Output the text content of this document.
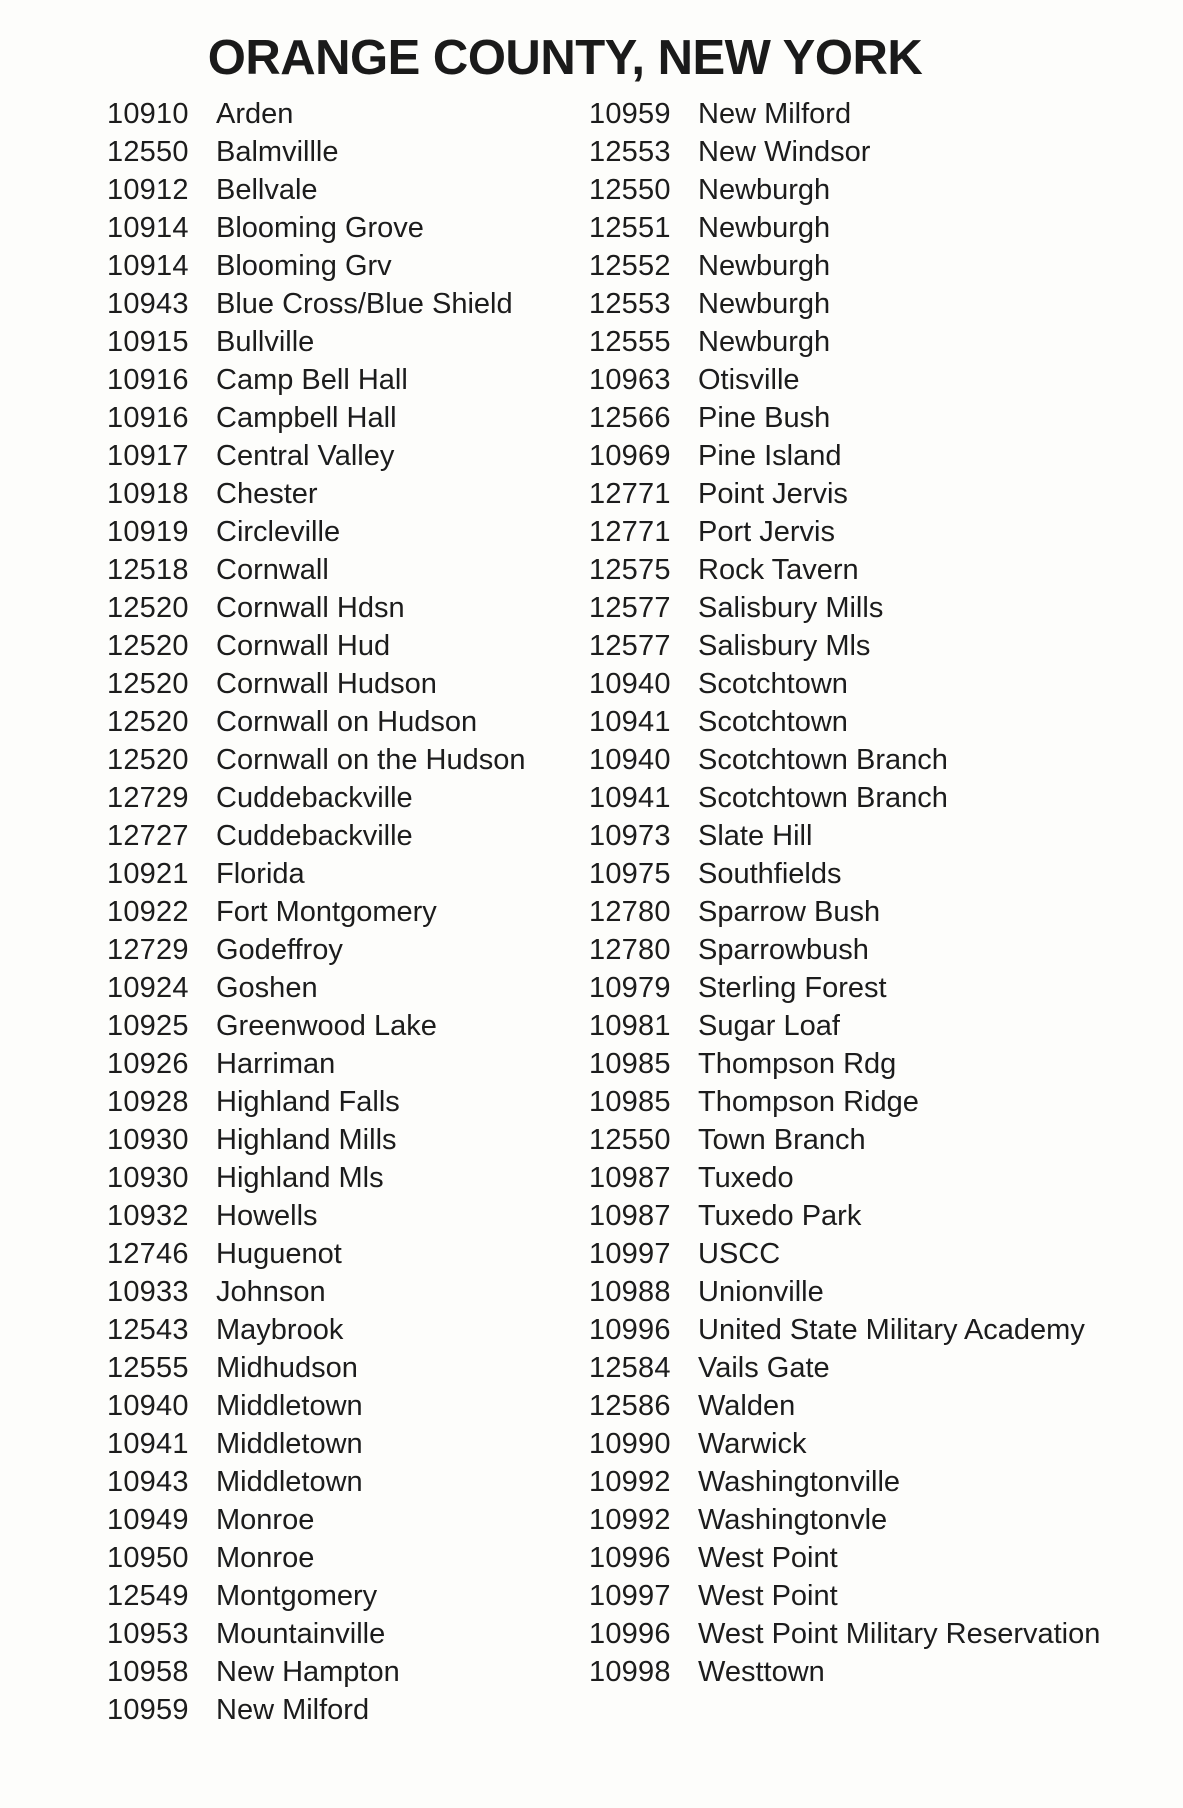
ORANGE COUNTY, NEW YORK
10910 Arden
12550 Balmvillle
10912 Bellvale
10914 Blooming Grove
10914 Blooming Grv
10943 Blue Cross/Blue Shield
10915 Bullville
10916 Camp Bell Hall
10916 Campbell Hall
10917 Central Valley
10918 Chester
10919 Circleville
12518 Cornwall
12520 Cornwall Hdsn
12520 Cornwall Hud
12520 Cornwall Hudson
12520 Cornwall on Hudson
12520 Cornwall on the Hudson
12729 Cuddebackville
12727 Cuddebackville
10921 Florida
10922 Fort Montgomery
12729 Godeffroy
10924 Goshen
10925 Greenwood Lake
10926 Harriman
10928 Highland Falls
10930 Highland Mills
10930 Highland Mls
10932 Howells
12746 Huguenot
10933 Johnson
12543 Maybrook
12555 Midhudson
10940 Middletown
10941 Middletown
10943 Middletown
10949 Monroe
10950 Monroe
12549 Montgomery
10953 Mountainville
10958 New Hampton
10959 New Milford
10959 New Milford
12553 New Windsor
12550 Newburgh
12551 Newburgh
12552 Newburgh
12553 Newburgh
12555 Newburgh
10963 Otisville
12566 Pine Bush
10969 Pine Island
12771 Point Jervis
12771 Port Jervis
12575 Rock Tavern
12577 Salisbury Mills
12577 Salisbury Mls
10940 Scotchtown
10941 Scotchtown
10940 Scotchtown Branch
10941 Scotchtown Branch
10973 Slate Hill
10975 Southfields
12780 Sparrow Bush
12780 Sparrowbush
10979 Sterling Forest
10981 Sugar Loaf
10985 Thompson Rdg
10985 Thompson Ridge
12550 Town Branch
10987 Tuxedo
10987 Tuxedo Park
10997 USCC
10988 Unionville
10996 United State Military Academy
12584 Vails Gate
12586 Walden
10990 Warwick
10992 Washingtonville
10992 Washingtonvle
10996 West Point
10997 West Point
10996 West Point Military Reservation
10998 Westtown
